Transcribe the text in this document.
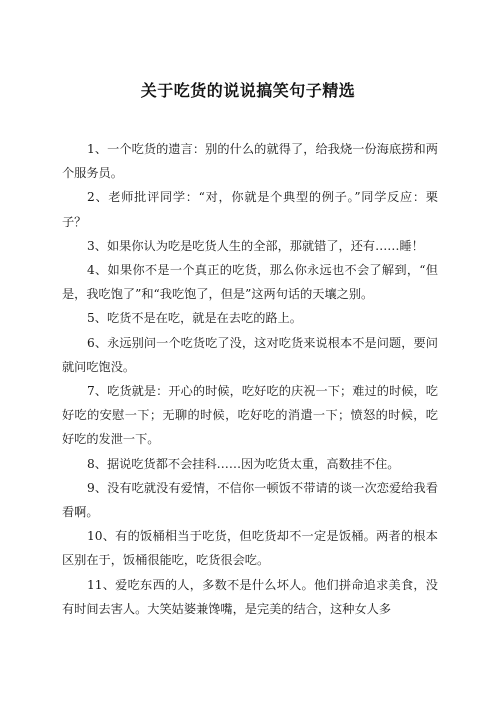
关于吃货的说说搞笑句子精选

1、一个吃货的遗言：别的什么的就得了，给我烧一份海底捞和两个服务员。

2、老师批评同学：“对，你就是个典型的例子。”同学反应：栗子？

3、如果你认为吃是吃货人生的全部，那就错了，还有……睡！

4、如果你不是一个真正的吃货，那么你永远也不会了解到，“但是，我吃饱了”和“我吃饱了，但是”这两句话的天壤之别。

5、吃货不是在吃，就是在去吃的路上。

6、永远别问一个吃货吃了没，这对吃货来说根本不是问题，要问就问吃饱没。

7、吃货就是：开心的时候，吃好吃的庆祝一下；难过的时候，吃好吃的安慰一下；无聊的时候，吃好吃的消遣一下；愤怒的时候，吃好吃的发泄一下。

8、据说吃货都不会挂科……因为吃货太重，高数挂不住。

9、没有吃就没有爱情，不信你一顿饭不带请的谈一次恋爱给我看看啊。

10、有的饭桶相当于吃货，但吃货却不一定是饭桶。两者的根本区别在于，饭桶很能吃，吃货很会吃。

11、爱吃东西的人，多数不是什么坏人。他们拼命追求美食，没有时间去害人。大笑姑婆兼馋嘴，是完美的结合，这种女人多
